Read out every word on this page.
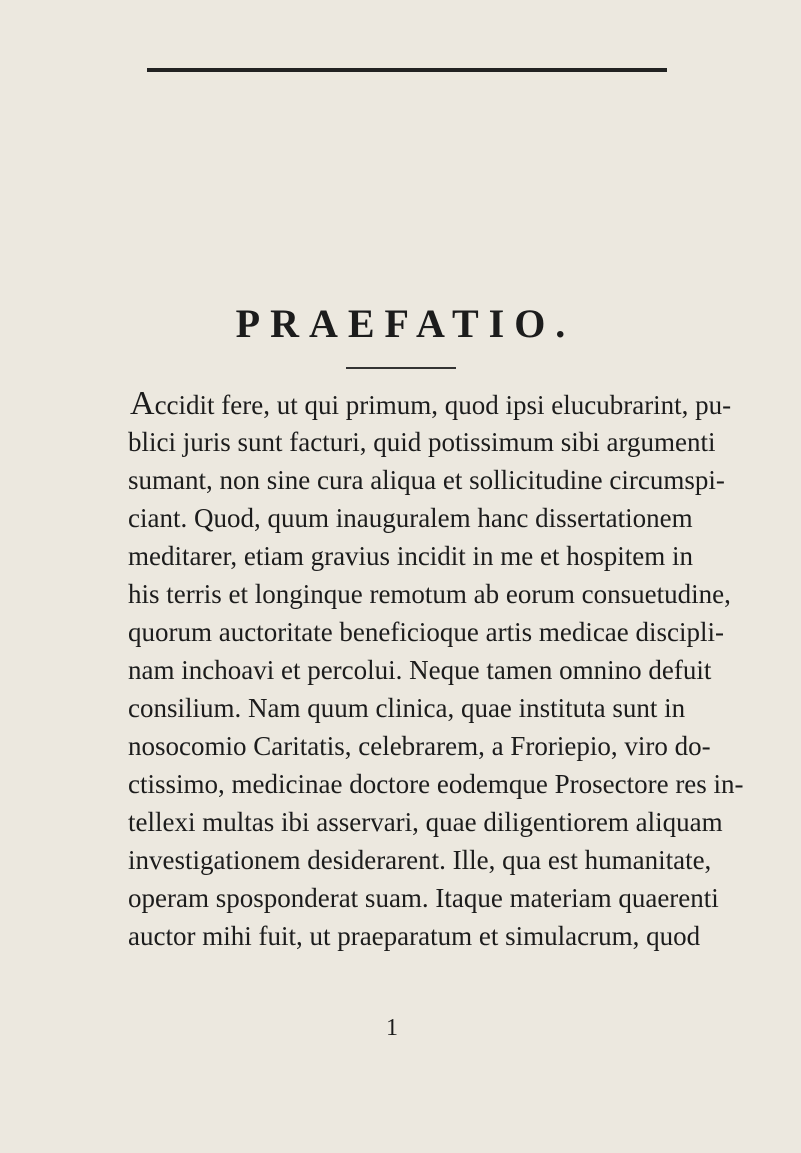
PRAEFATIO.
Accidit fere, ut qui primum, quod ipsi elucubrarint, pu-
blici juris sunt facturi, quid potissimum sibi argumenti
sumant, non sine cura aliqua et sollicitudine circumspi-
ciant. Quod, quum inauguralem hanc dissertationem
meditarer, etiam gravius incidit in me et hospitem in
his terris et longinque remotum ab eorum consuetudine,
quorum auctoritate beneficioque artis medicae discipli-
nam inchoavi et percolui. Neque tamen omnino defuit
consilium. Nam quum clinica, quae instituta sunt in
nosocomio Caritatis, celebrarem, a Froriepio, viro do-
ctissimo, medicinae doctore eodemque Prosectore res in-
tellexi multas ibi asservari, quae diligentiorem aliquam
investigationem desiderarent. Ille, qua est humanitate,
operam sposponderat suam. Itaque materiam quaerenti
auctor mihi fuit, ut praeparatum et simulacrum, quod
1
